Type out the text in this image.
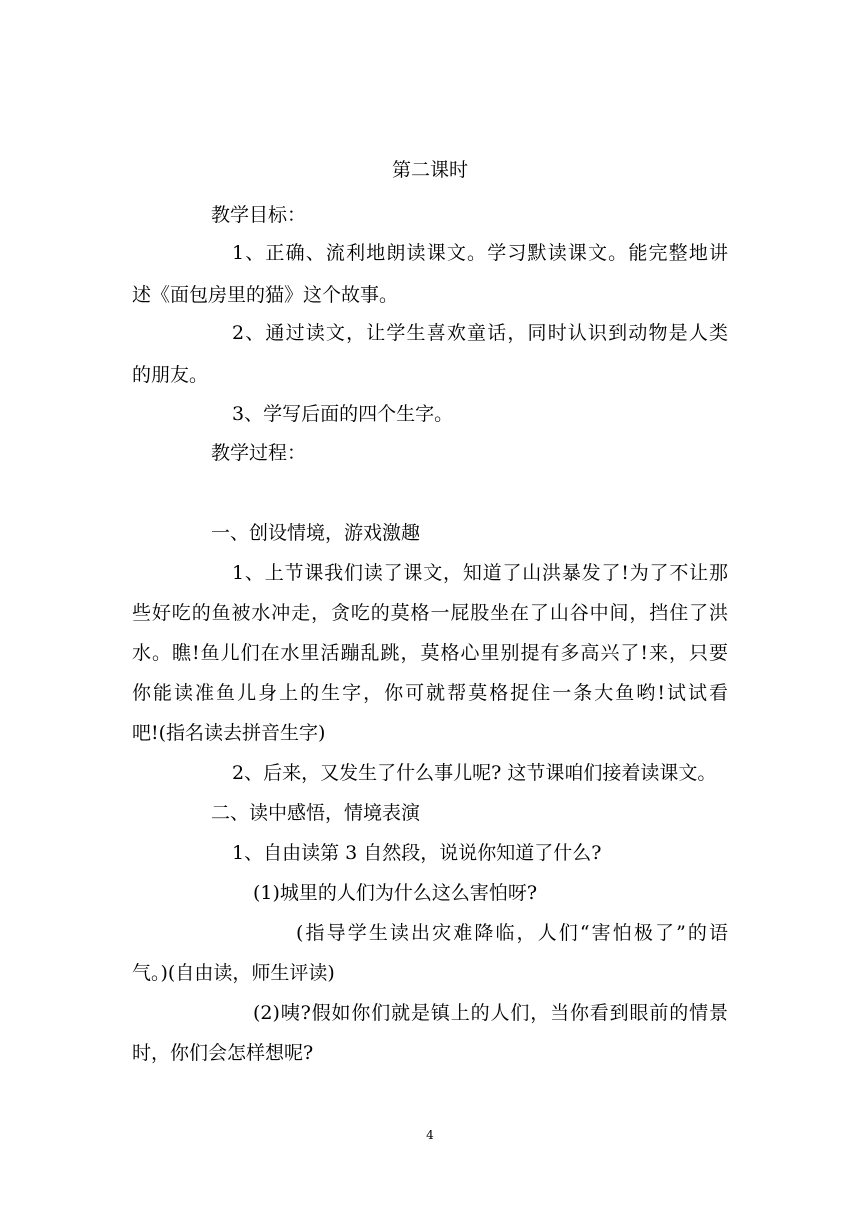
第二课时
教学目标：
1、正确、流利地朗读课文。学习默读课文。能完整地讲
述《面包房里的猫》这个故事。
2、通过读文，让学生喜欢童话，同时认识到动物是人类
的朋友。
3、学写后面的四个生字。
教学过程：
一、创设情境，游戏激趣
1、上节课我们读了课文，知道了山洪暴发了!为了不让那
些好吃的鱼被水冲走，贪吃的莫格一屁股坐在了山谷中间，挡住了洪
水。瞧!鱼儿们在水里活蹦乱跳，莫格心里别提有多高兴了!来，只要
你能读准鱼儿身上的生字，你可就帮莫格捉住一条大鱼哟!试试看
吧!(指名读去拼音生字)
2、后来，又发生了什么事儿呢? 这节课咱们接着读课文。
二、读中感悟，情境表演
1、自由读第 3 自然段，说说你知道了什么?
(1)城里的人们为什么这么害怕呀?
(指导学生读出灾难降临，人们“害怕极了”的语
气。)(自由读，师生评读)
(2)咦?假如你们就是镇上的人们，当你看到眼前的情景
时，你们会怎样想呢?
4
